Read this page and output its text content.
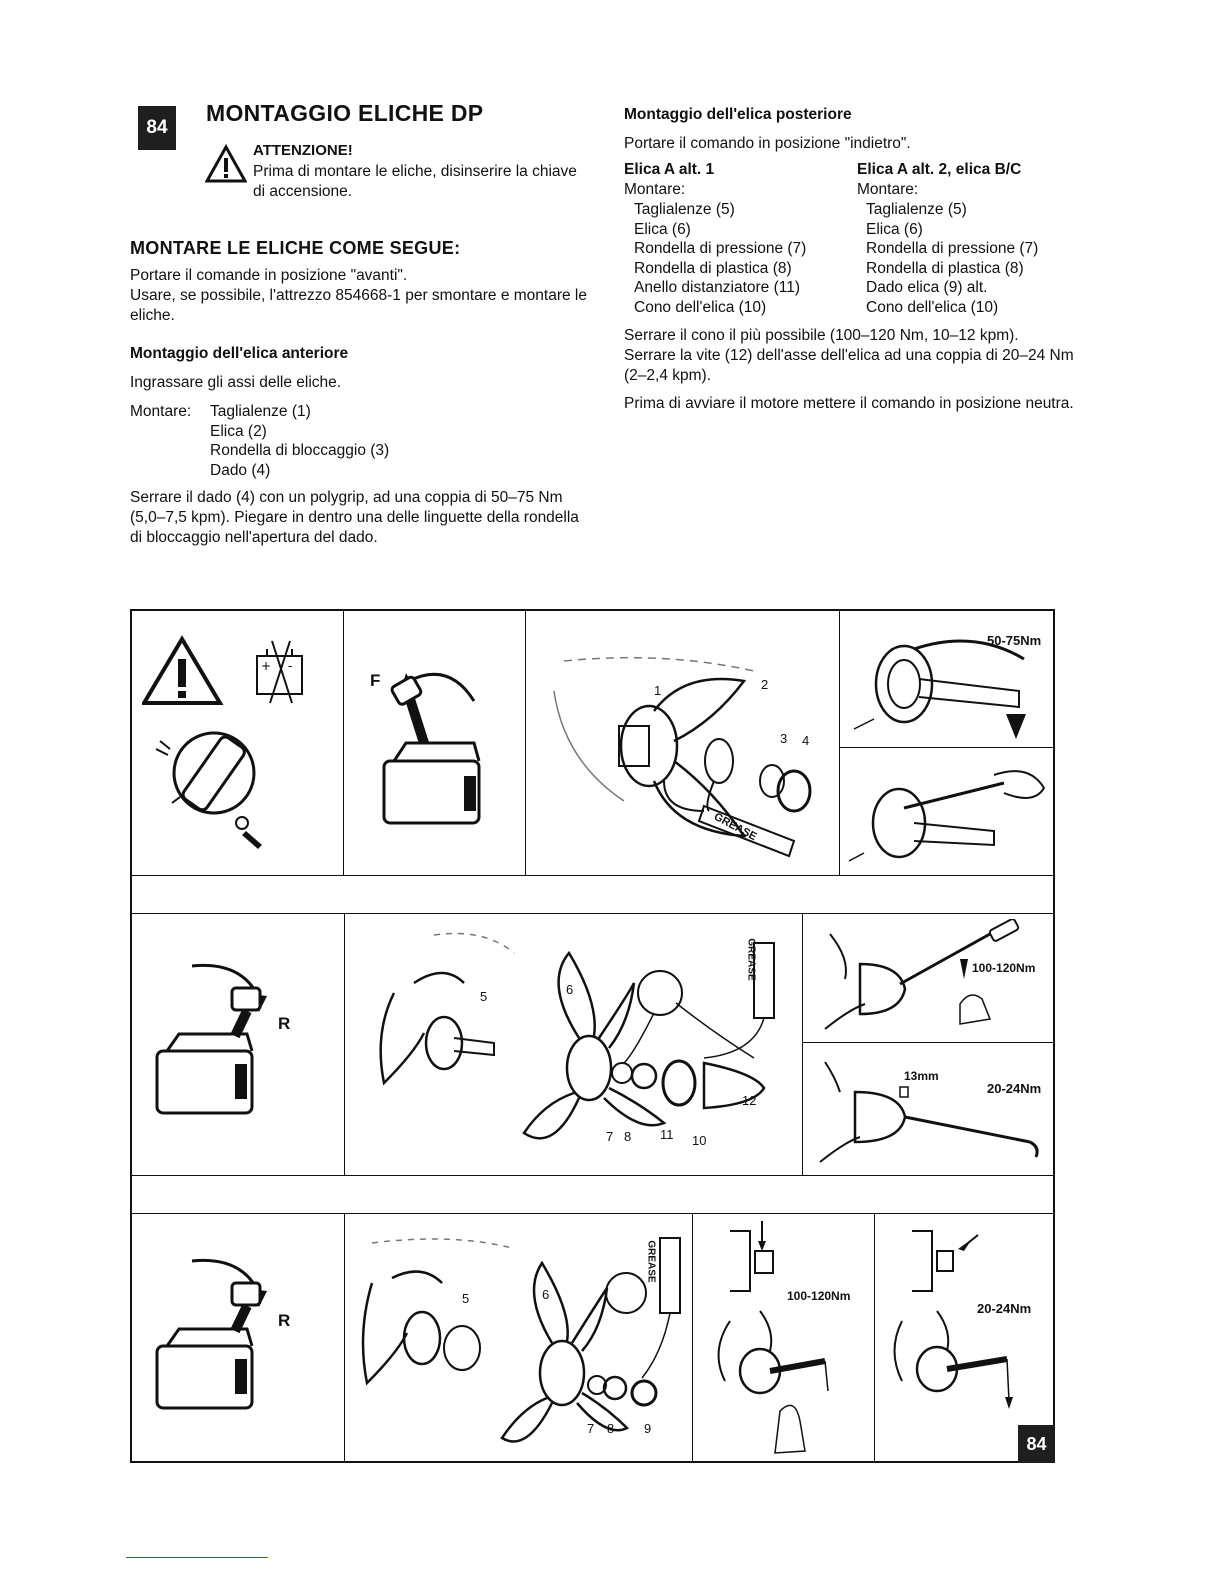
84
MONTAGGIO ELICHE DP
ATTENZIONE!
Prima di montare le eliche, disinserire la chiave di accensione.
MONTARE LE ELICHE COME SEGUE:
Portare il comande in posizione "avanti".
Usare, se possibile, l'attrezzo 854668-1 per smontare e montare le eliche.
Montaggio dell'elica anteriore
Ingrassare gli assi delle eliche.
Montare: Taglialenze (1)
Elica (2)
Rondella di bloccaggio (3)
Dado (4)
Serrare il dado (4) con un polygrip, ad una coppia di 50–75 Nm (5,0–7,5 kpm). Piegare in dentro una delle linguette della rondella di bloccaggio nell'apertura del dado.
Montaggio dell'elica posteriore
Portare il comando in posizione "indietro".
Elica A alt. 1
Montare:
Taglialenze (5)
Elica (6)
Rondella di pressione (7)
Rondella di plastica (8)
Anello distanziatore (11)
Cono dell'elica (10)
Elica A alt. 2, elica B/C
Montare:
Taglialenze (5)
Elica (6)
Rondella di pressione (7)
Rondella di plastica (8)
Dado elica (9) alt.
Cono dell'elica (10)
Serrare il cono il più possibile (100–120 Nm, 10–12 kpm).
Serrare la vite (12) dell'asse dell'elica ad una coppia di 20–24 Nm (2–2,4 kpm).
Prima di avviare il motore mettere il comando in posizione neutra.
+ -
F
1	2
3 4
GREASE
50-75Nm
R
5	6
7 8 11 10
12
GREASE	100-120Nm
13mm
20-24Nm
R
5	6
7 8 9
GREASE
100-120Nm
20-24Nm
84
